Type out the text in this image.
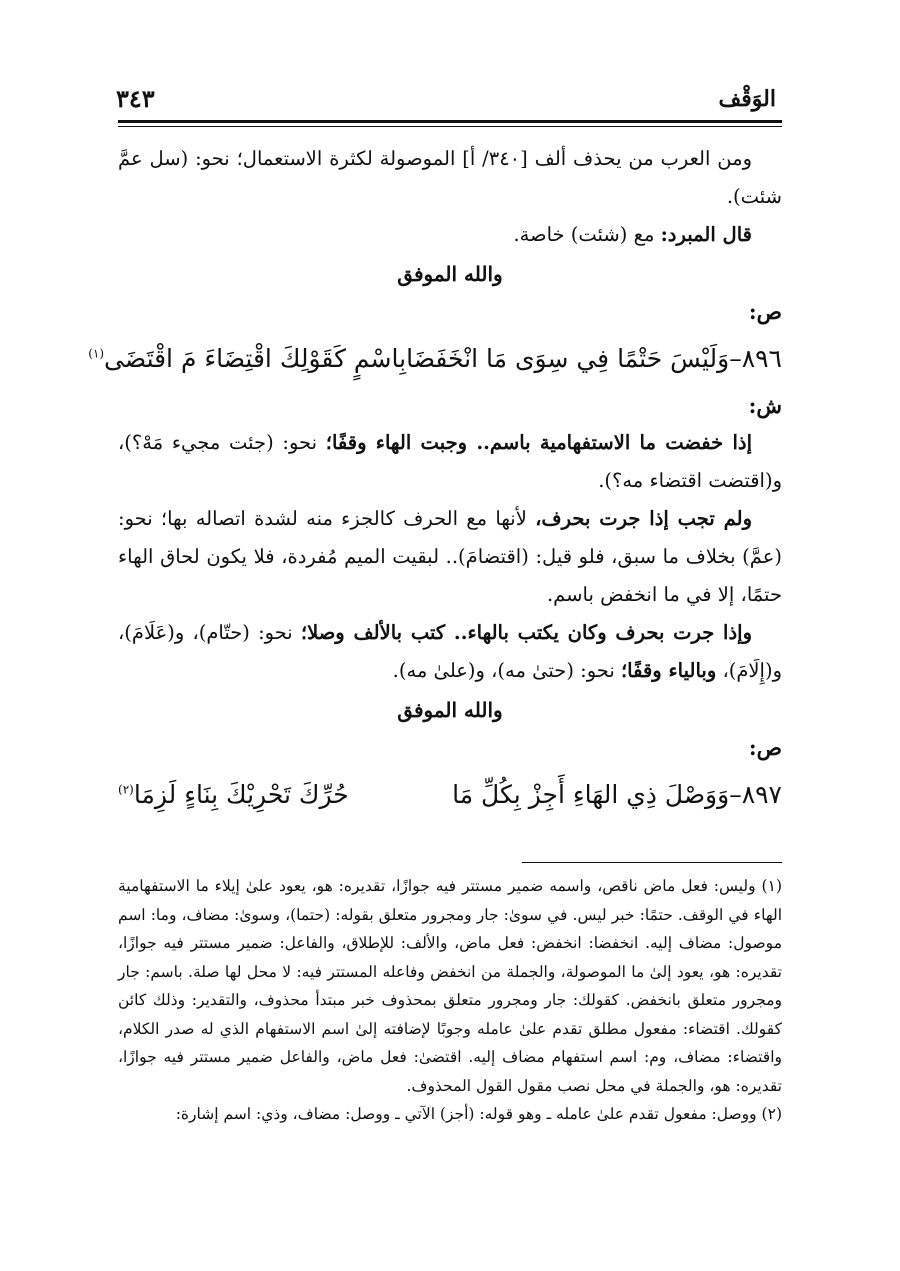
٣٤٣	الوَقْف

ومن العرب من يحذف ألف [٣٤٠/ أ] الموصولة لكثرة الاستعمال؛ نحو: (سل عمَّ شئت).

قال المبرد: مع (شئت) خاصة.

والله الموفق

ص:

٨٩٦–وَلَيْسَ حَتْمًا فِي سِوَى مَا انْخَفَضَا
بِاسْمٍ كَقَوْلِكَ اقْتِضَاءَ مَ اقْتَضَى$^{(١)}$

ش:

إذا خفضت ما الاستفهامية باسم.. وجبت الهاء وقفًا؛ نحو: (جئت مجيء مَهْ؟)، و(اقتضت اقتضاء مه؟).

ولم تجب إذا جرت بحرف، لأنها مع الحرف كالجزء منه لشدة اتصاله بها؛ نحو: (عمَّ) بخلاف ما سبق، فلو قيل: (اقتضامَ).. لبقيت الميم مُفردة، فلا يكون لحاق الهاء حتمًا، إلا في ما انخفض باسم.

وإذا جرت بحرف وكان يكتب بالهاء.. كتب بالألف وصلا؛ نحو: (حتّام)، و(عَلَامَ)، و(إِلَامَ)، وبالياء وقفًا؛ نحو: (حتىٰ مه)، و(علىٰ مه).

والله الموفق

ص:

٨٩٧–وَوَصْلَ ذِي الهَاءِ أَجِزْ بِكُلِّ مَا
حُرِّكَ تَحْرِيْكَ بِنَاءٍ لَزِمَا$^{(٢)}$

(١) وليس: فعل ماض ناقص، واسمه ضمير مستتر فيه جوازًا، تقديره: هو، يعود علىٰ إيلاء ما الاستفهامية الهاء في الوقف. حتمًا: خبر ليس. في سوىٰ: جار ومجرور متعلق بقوله: (حتما)، وسوىٰ: مضاف، وما: اسم موصول: مضاف إليه. انخفضا: انخفض: فعل ماض، والألف: للإطلاق، والفاعل: ضمير مستتر فيه جوازًا، تقديره: هو، يعود إلىٰ ما الموصولة، والجملة من انخفض وفاعله المستتر فيه: لا محل لها صلة. باسم: جار ومجرور متعلق بانخفض. كقولك: جار ومجرور متعلق بمحذوف خبر مبتدأ محذوف، والتقدير: وذلك كائن كقولك. اقتضاء: مفعول مطلق تقدم علىٰ عامله وجوبًا لإضافته إلىٰ اسم الاستفهام الذي له صدر الكلام، واقتضاء: مضاف، وم: اسم استفهام مضاف إليه. اقتضىٰ: فعل ماض، والفاعل ضمير مستتر فيه جوازًا، تقديره: هو، والجملة في محل نصب مقول القول المحذوف.

(٢) ووصل: مفعول تقدم علىٰ عامله ـ وهو قوله: (أجز) الآتي ـ ووصل: مضاف، وذي: اسم إشارة:
